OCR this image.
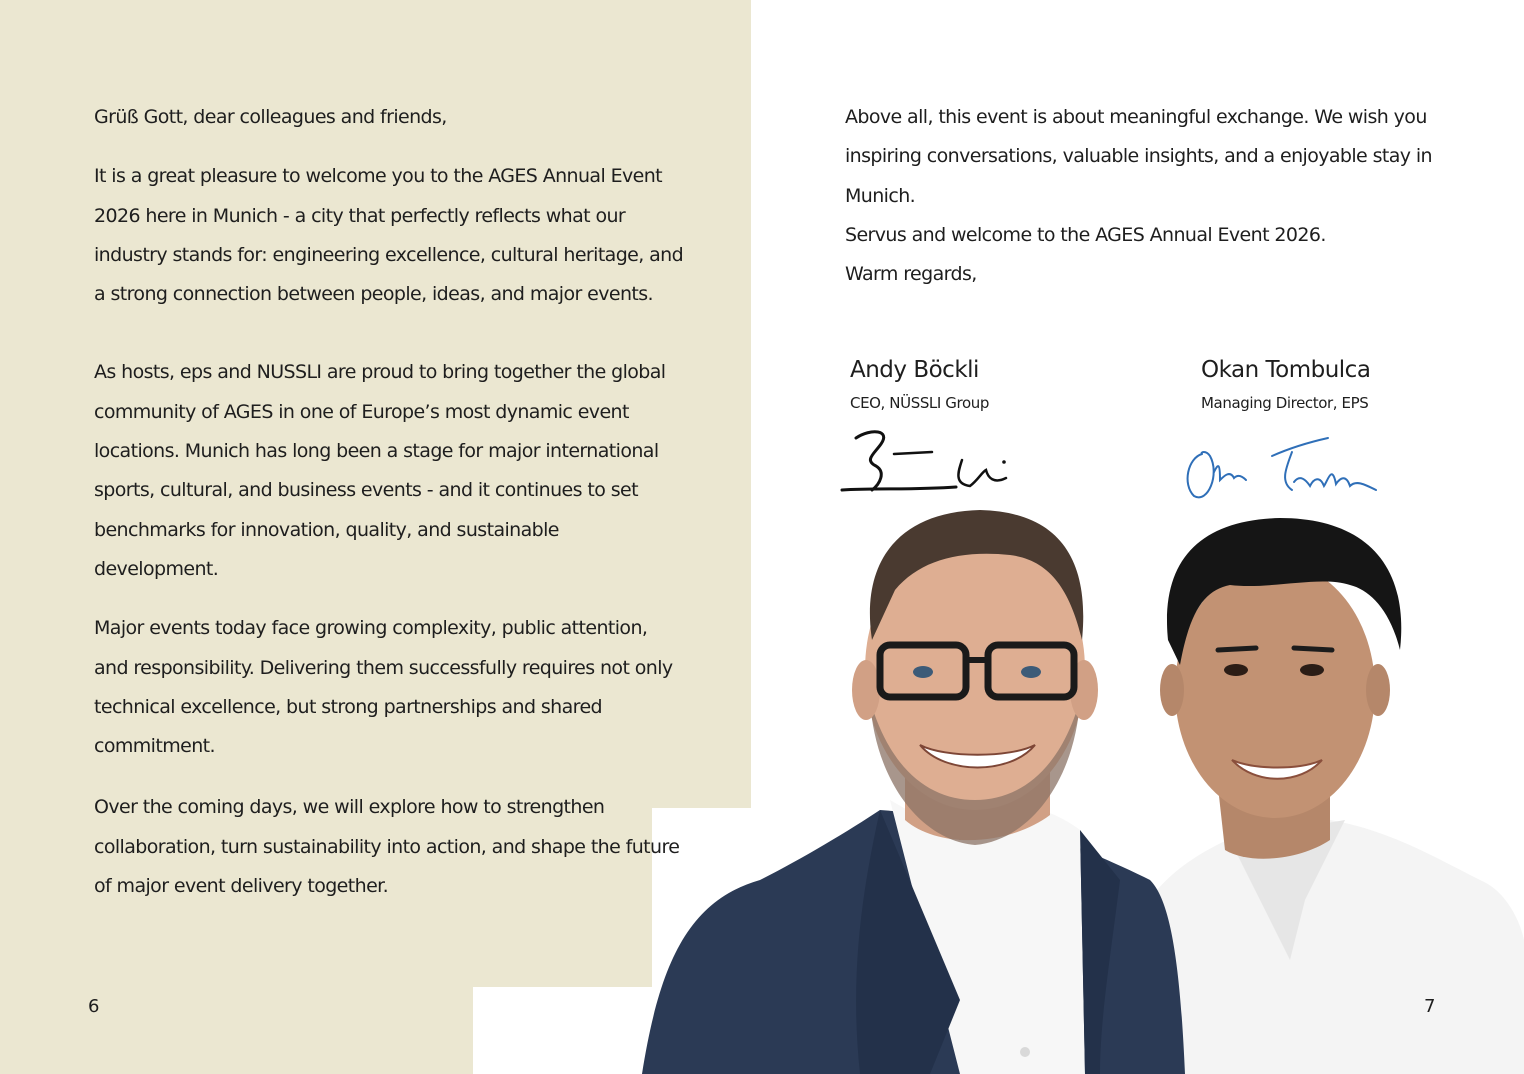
Grüß Gott, dear colleagues and friends,

It is a great pleasure to welcome you to the AGES Annual Event 2026 here in Munich - a city that perfectly reflects what our industry stands for: engineering excellence, cultural heritage, and a strong connection between people, ideas, and major events.

As hosts, eps and NUSSLI are proud to bring together the global community of AGES in one of Europe’s most dynamic event locations. Munich has long been a stage for major international sports, cultural, and business events - and it continues to set benchmarks for innovation, quality, and sustainable development.

Major events today face growing complexity, public attention, and responsibility. Delivering them successfully requires not only technical excellence, but strong partnerships and shared commitment.

Over the coming days, we will explore how to strengthen collaboration, turn sustainability into action, and shape the future of major event delivery together.

6

Above all, this event is about meaningful exchange. We wish you inspiring conversations, valuable insights, and a enjoyable stay in Munich.

Servus and welcome to the AGES Annual Event 2026.

Warm regards,

Andy Böckli
CEO, NÜSSLI Group
Okan Tombulca
Managing Director, EPS
7
